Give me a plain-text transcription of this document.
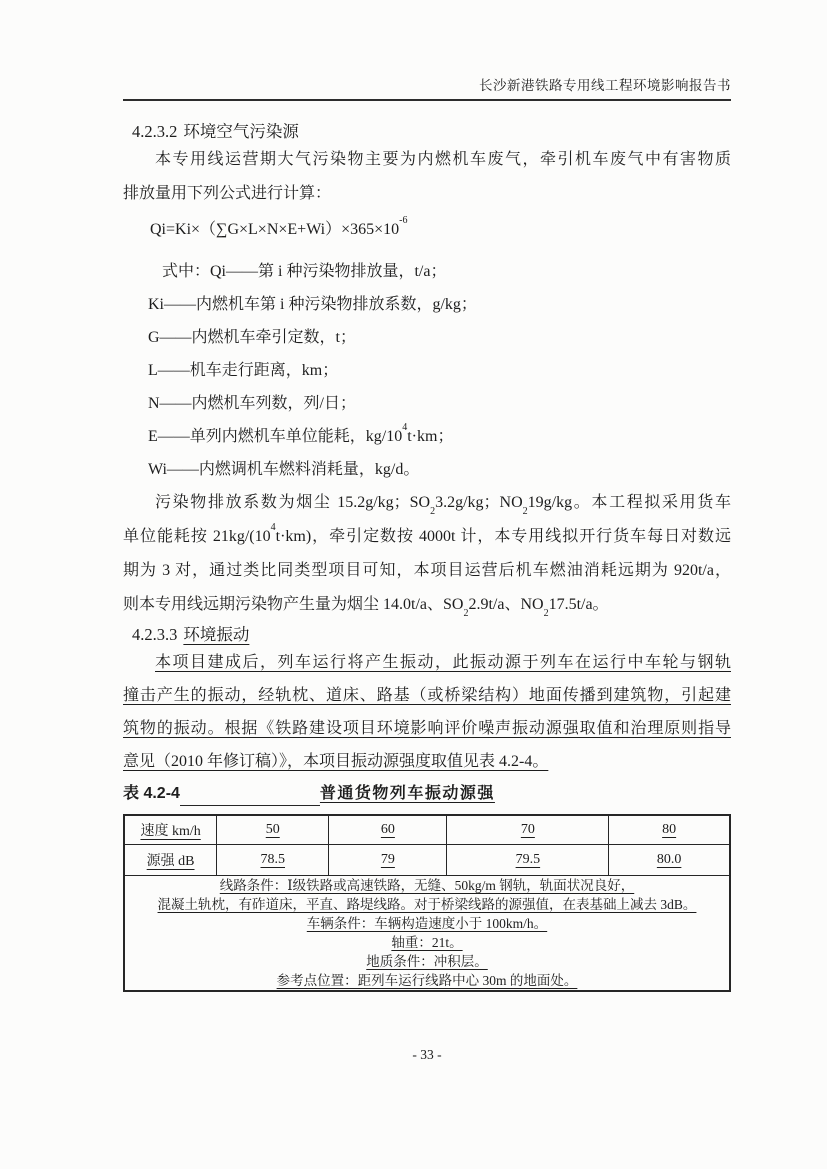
长沙新港铁路专用线工程环境影响报告书
4.2.3.2 环境空气污染源
本专用线运营期大气污染物主要为内燃机车废气，牵引机车废气中有害物质
排放量用下列公式进行计算：
$Qi=Ki\times(\sum G\times L\times N\times E+Wi)\times 365\times 10^{-6}$
式中：Qi——第 i 种污染物排放量，t/a；
Ki——内燃机车第 i 种污染物排放系数，g/kg；
G——内燃机车牵引定数，t；
L——机车走行距离，km；
N——内燃机车列数，列/日；
E——单列内燃机车单位能耗，$kg/10^4t\cdot km$；
Wi——内燃调机车燃料消耗量，kg/d。
污染物排放系数为烟尘 15.2g/kg；$SO_23.2g/kg$；$NO_219g/kg$。本工程拟采用货车
单位能耗按 $21kg/(10^4t\cdot km)$，牵引定数按 4000t 计，本专用线拟开行货车每日对数远
期为 3 对，通过类比同类型项目可知，本项目运营后机车燃油消耗远期为 920t/a，
则本专用线远期污染物产生量为烟尘 14.0t/a、$SO_22.9t/a$、$NO_217.5t/a$。
4.2.3.3 环境振动
本项目建成后，列车运行将产生振动，此振动源于列车在运行中车轮与钢轨
撞击产生的振动，经轨枕、道床、路基（或桥梁结构）地面传播到建筑物，引起建
筑物的振动。根据《铁路建设项目环境影响评价噪声振动源强取值和治理原则指导
意见（2010 年修订稿）》，本项目振动源强度取值见表 4.2-4。
表 4.2-4	普通货物列车振动源强
速度 km/h	50	60	70	80
源强 dB	78.5	79	79.5	80.0

线路条件：Ⅰ级铁路或高速铁路，无缝、50kg/m 钢轨，轨面状况良好，
混凝土轨枕，有砟道床，平直、路堤线路。对于桥梁线路的源强值，在表基础上减去 3dB。
车辆条件：车辆构造速度小于 100km/h。
轴重：21t。
地质条件：冲积层。
参考点位置：距列车运行线路中心 30m 的地面处。
- 33 -
